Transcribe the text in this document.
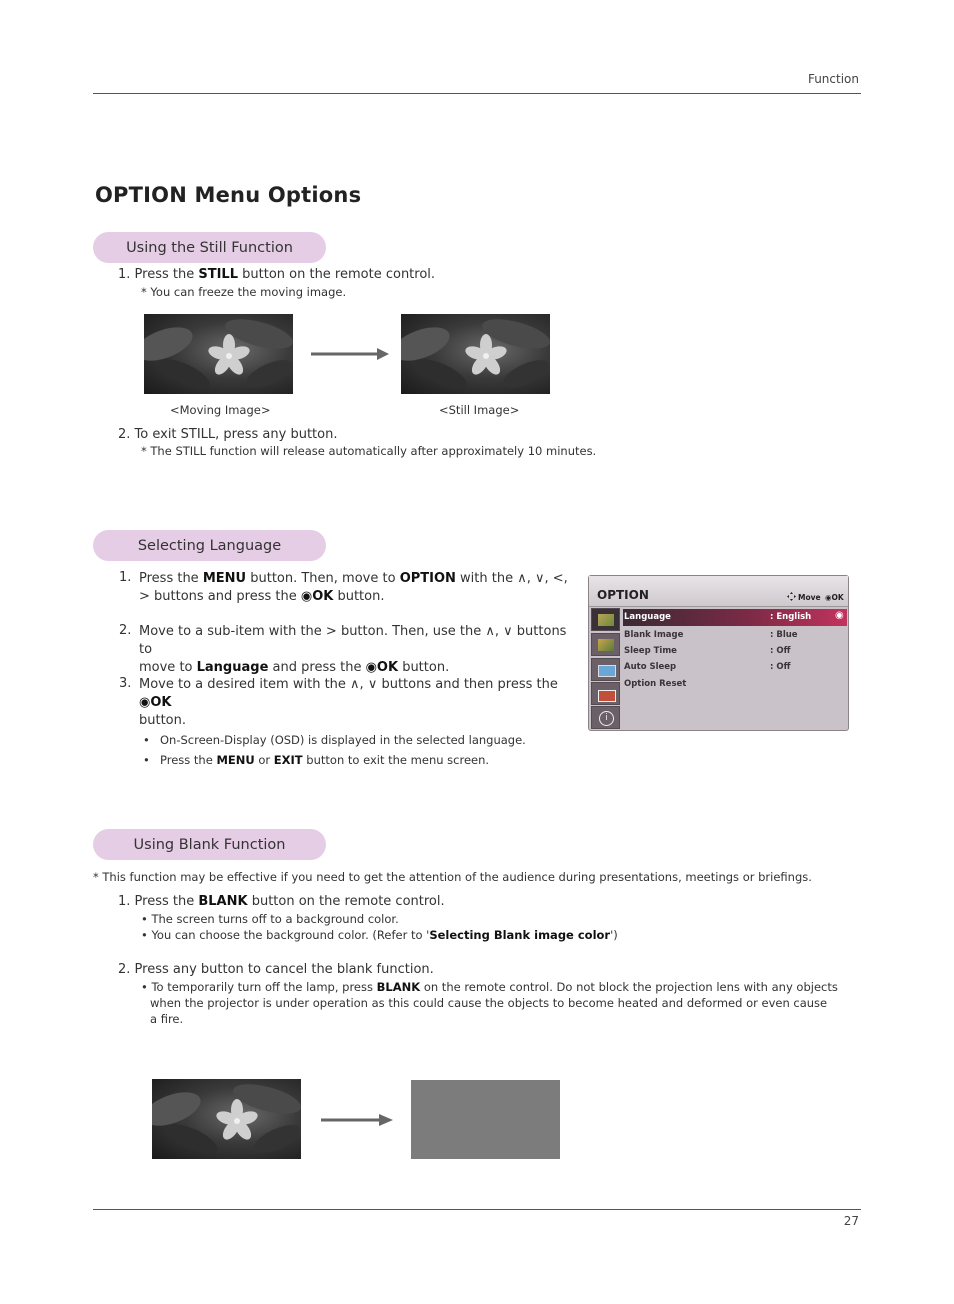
Function
OPTION Menu Options
Using the Still Function
1. Press the STILL button on the remote control.
* You can freeze the moving image.
<Moving Image>	<Still Image>
2. To exit STILL, press any button.
* The STILL function will release automatically after approximately 10 minutes.
Selecting Language
1. Press the MENU button. Then, move to OPTION with the ∧, ∨, <,
> buttons and press the ◉OK button.
2. Move to a sub-item with the > button. Then, use the ∧, ∨ buttons to
move to Language and press the ◉OK button.
3. Move to a desired item with the ∧, ∨ buttons and then press the ◉OK
button.
• On-Screen-Display (OSD) is displayed in the selected language.
• Press the MENU or EXIT button to exit the menu screen.
OPTION	Move ◉OK
i
Language	: English ◉
Blank Image	: Blue
Sleep Time	: Off
Auto Sleep	: Off
Option Reset
Using Blank Function
* This function may be effective if you need to get the attention of the audience during presentations, meetings or briefings.
1. Press the BLANK button on the remote control.
• The screen turns off to a background color.
• You can choose the background color. (Refer to 'Selecting Blank image color')
2. Press any button to cancel the blank function.
• To temporarily turn off the lamp, press BLANK on the remote control. Do not block the projection lens with any objects
when the projector is under operation as this could cause the objects to become heated and deformed or even cause
a fire.
27
